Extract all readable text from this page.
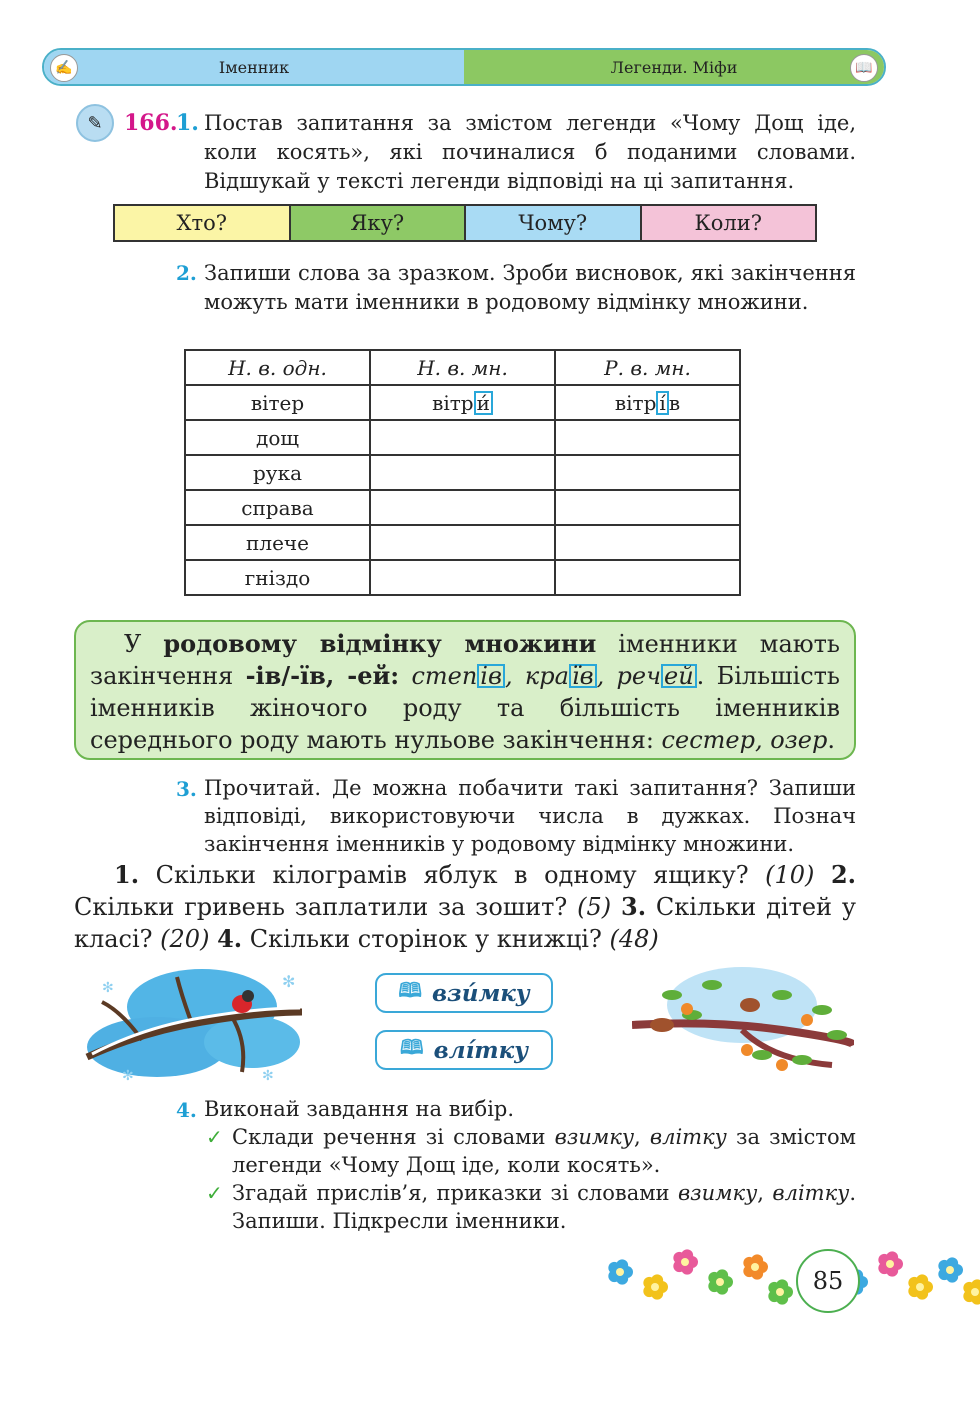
✍	Іменник	Легенди. Міфи	📖
✎ 166.
1. Постав запитання за змістом легенди «Чому Дощ іде, коли косять», які починалися б поданими словами. Відшукай у тексті легенди відповіді на ці запитання.
Хто?	Яку?	Чому?	Коли?
2. Запиши слова за зразком. Зроби висновок, які закінчення можуть мати іменники в родовому відмінку множини.
Н. в. одн.	Н. в. мн.	Р. в. мн.
вітер	вітр и́	вітр і́ в
дощ		
рука		
справа		
плече		
гніздо		
У родовому відмінку множини іменники мають закінчення -ів/-їв, -ей: степ ів , кра їв , реч ей . Більшість іменників жіночого роду та більшість іменників середнього роду мають нульове закінчення: сестер, озер.
3. Прочитай. Де можна побачити такі запитання? Запиши відповіді, використовуючи числа в дужках. Познач закінчення іменників у родовому відмінку множини.
1. Скільки кілограмів яблук в одному ящику? (10) 2. Скільки гривень заплатили за зошит? (5) 3. Скільки дітей у класі? (20) 4. Скільки сторінок у книжці? (48)
✻	✻
✻	✻
🕮 взи́мку
🕮 влі́тку
4. Виконай завдання на вибір.
✓ Склади речення зі словами взимку, влітку за змістом легенди «Чому Дощ іде, коли косять».
✓ Згадай прислів’я, приказки зі словами взимку, влітку. Запиши. Підкресли іменники.
85
